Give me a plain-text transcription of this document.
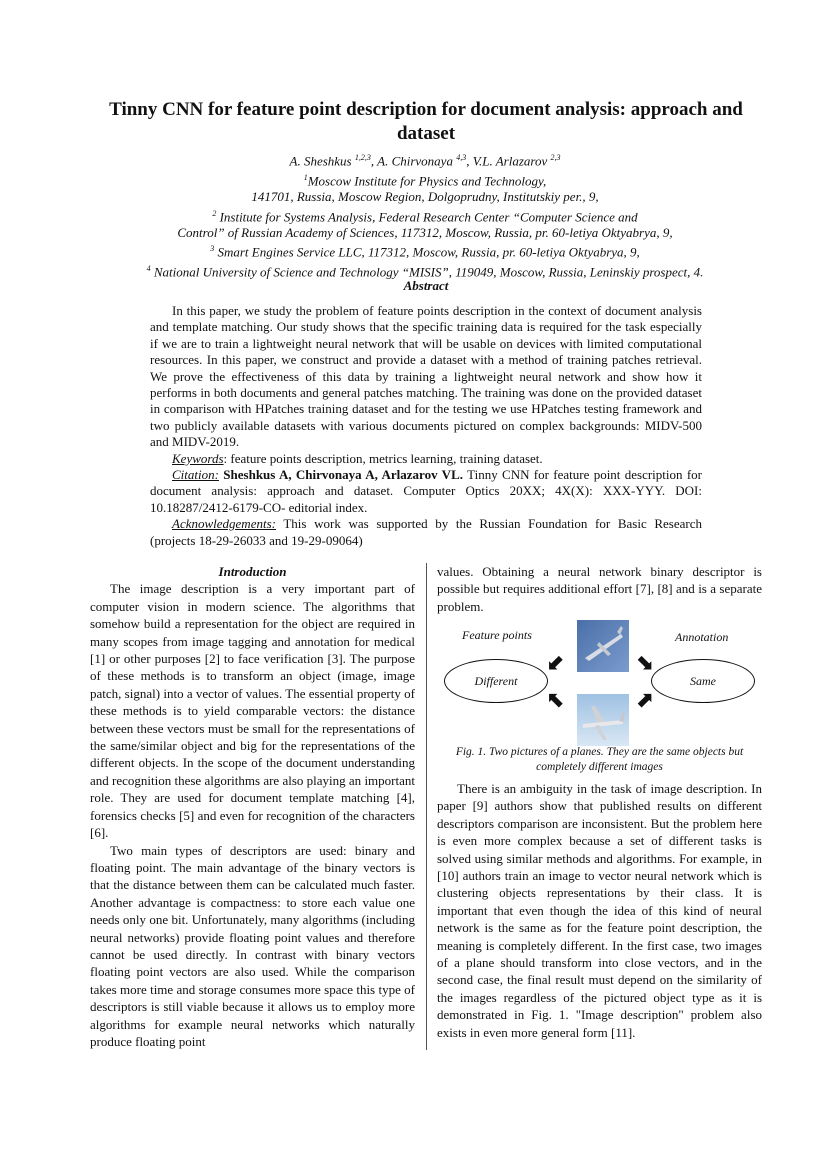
Tinny CNN for feature point description for document analysis: approach and dataset
A. Sheshkus $^{1,2,3}$, A. Chirvonaya $^{4,3}$, V.L. Arlazarov $^{2,3}$
$^1$Moscow Institute for Physics and Technology,
141701, Russia, Moscow Region, Dolgoprudny, Institutskiy per., 9,
$^2$ Institute for Systems Analysis, Federal Research Center “Computer Science and
Control” of Russian Academy of Sciences, 117312, Moscow, Russia, pr. 60-letiya Oktyabrya, 9,
$^3$ Smart Engines Service LLC, 117312, Moscow, Russia, pr. 60-letiya Oktyabrya, 9,
$^4$ National University of Science and Technology “MISIS”, 119049, Moscow, Russia, Leninskiy prospect, 4.
Abstract

In this paper, we study the problem of feature points description in the context of document analysis and template matching. Our study shows that the specific training data is required for the task especially if we are to train a lightweight neural network that will be usable on devices with limited computational resources. In this paper, we construct and provide a dataset with a method of training patches retrieval. We prove the effectiveness of this data by training a lightweight neural network and show how it performs in both documents and general patches matching. The training was done on the provided dataset in comparison with HPatches training dataset and for the testing we use HPatches testing framework and two publicly available datasets with various documents pictured on complex backgrounds: MIDV-500 and MIDV-2019.

Keywords: feature points description, metrics learning, training dataset.

Citation: Sheshkus A, Chirvonaya A, Arlazarov VL. Tinny CNN for feature point description for document analysis: approach and dataset. Computer Optics 20XX; 4X(X): XXX-YYY. DOI: 10.18287/2412-6179-CO- editorial index.

Acknowledgements: This work was supported by the Russian Foundation for Basic Research (projects 18-29-26033 and 19-29-09064)

Introduction

The image description is a very important part of computer vision in modern science. The algorithms that somehow build a representation for the object are required in many scopes from image tagging and annotation for medical [1] or other purposes [2] to face verification [3]. The purpose of these methods is to transform an object (image, image patch, signal) into a vector of values. The essential property of these methods is to yield comparable vectors: the distance between these vectors must be small for the representations of the same/similar object and big for the representations of the different objects. In the scope of the document understanding and recognition these algorithms are also playing an important role. They are used for document template matching [4], forensics checks [5] and even for recognition of the characters [6].

Two main types of descriptors are used: binary and floating point. The main advantage of the binary vectors is that the distance between them can be calculated much faster. Another advantage is compactness: to store each value one needs only one bit. Unfortunately, many algorithms (including neural networks) provide floating point values and therefore cannot be used directly. In contrast with binary vectors floating point vectors are also used. While the comparison takes more time and storage consumes more space this type of descriptors is still viable because it allows us to employ more algorithms for example neural networks which naturally produce floating point

values. Obtaining a neural network binary descriptor is possible but requires additional effort [7], [8] and is a separate problem.

Feature points	Annotation
Different	Same
⬋	⬊
⬉	⬈
Fig. 1. Two pictures of a planes. They are the same objects but completely different images

There is an ambiguity in the task of image description. In paper [9] authors show that published results on different descriptors comparison are inconsistent. But the problem here is even more complex because a set of different tasks is solved using similar methods and algorithms. For example, in [10] authors train an image to vector neural network which is clustering objects representations by their class. It is important that even though the idea of this kind of neural network is the same as for the feature point description, the meaning is completely different. In the first case, two images of a plane should transform into close vectors, and in the second case, the final result must depend on the similarity of the images regardless of the pictured object type as it is demonstrated in Fig. 1. "Image description" problem also exists in even more general form [11].
